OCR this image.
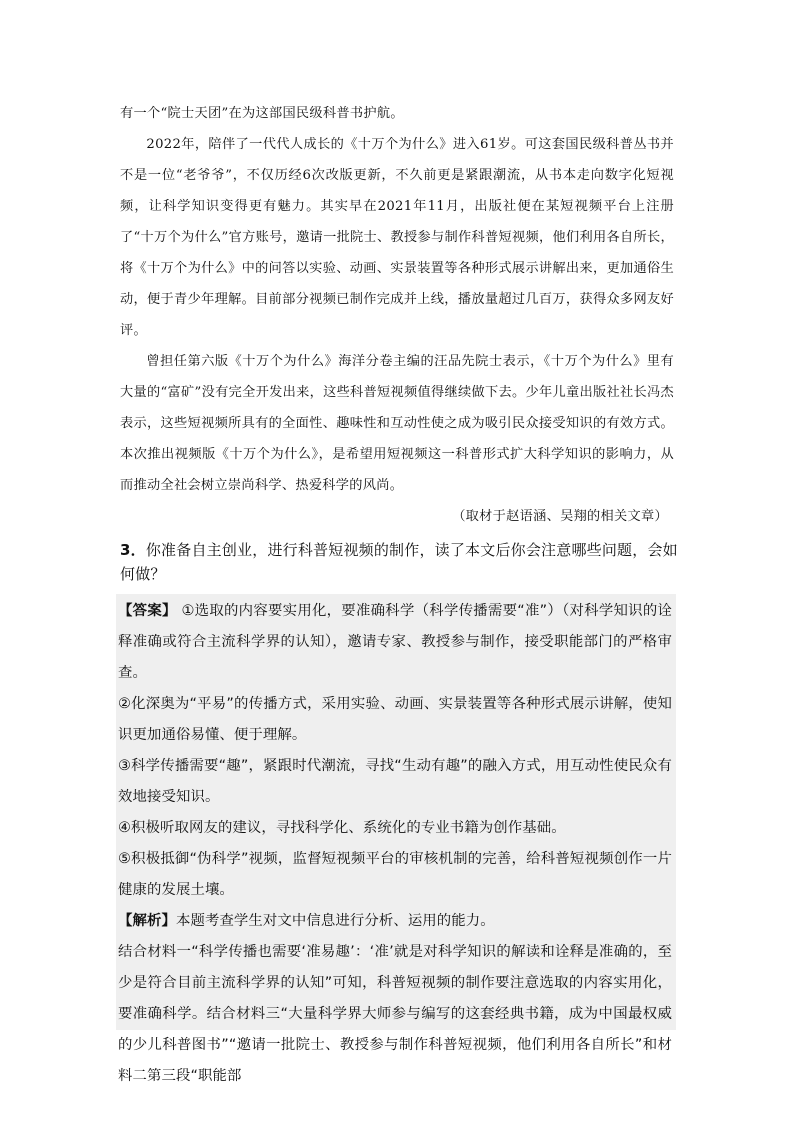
有一个“院士天团”在为这部国民级科普书护航。

2022年，陪伴了一代代人成长的《十万个为什么》进入61岁。可这套国民级科普丛书并不是一位“老爷爷”，不仅历经6次改版更新，不久前更是紧跟潮流，从书本走向数字化短视频，让科学知识变得更有魅力。其实早在2021年11月，出版社便在某短视频平台上注册了“十万个为什么”官方账号，邀请一批院士、教授参与制作科普短视频，他们利用各自所长，将《十万个为什么》中的问答以实验、动画、实景装置等各种形式展示讲解出来，更加通俗生动，便于青少年理解。目前部分视频已制作完成并上线，播放量超过几百万，获得众多网友好评。

曾担任第六版《十万个为什么》海洋分卷主编的汪品先院士表示，《十万个为什么》里有大量的“富矿”没有完全开发出来，这些科普短视频值得继续做下去。少年儿童出版社社长冯杰表示，这些短视频所具有的全面性、趣味性和互动性使之成为吸引民众接受知识的有效方式。本次推出视频版《十万个为什么》，是希望用短视频这一科普形式扩大科学知识的影响力，从而推动全社会树立崇尚科学、热爱科学的风尚。

（取材于赵语涵、吴翔的相关文章）

3．你准备自主创业，进行科普短视频的制作，读了本文后你会注意哪些问题，会如何做？

【答案】 ①选取的内容要实用化，要准确科学（科学传播需要“准”）（对科学知识的诠释准确或符合主流科学界的认知），邀请专家、教授参与制作，接受职能部门的严格审查。

②化深奥为“平易”的传播方式，采用实验、动画、实景装置等各种形式展示讲解，使知识更加通俗易懂、便于理解。

③科学传播需要“趣”，紧跟时代潮流，寻找“生动有趣”的融入方式，用互动性使民众有效地接受知识。

④积极听取网友的建议，寻找科学化、系统化的专业书籍为创作基础。

⑤积极抵御“伪科学”视频，监督短视频平台的审核机制的完善，给科普短视频创作一片健康的发展土壤。

【解析】本题考查学生对文中信息进行分析、运用的能力。

结合材料一“科学传播也需要‘准易趣’：‘准’就是对科学知识的解读和诠释是准确的，至少是符合目前主流科学界的认知”可知，科普短视频的制作要注意选取的内容实用化，要准确科学。结合材料三“大量科学界大师参与编写的这套经典书籍，成为中国最权威的少儿科普图书”“邀请一批院士、教授参与制作科普短视频，他们利用各自所长”和材料二第三段“职能部
